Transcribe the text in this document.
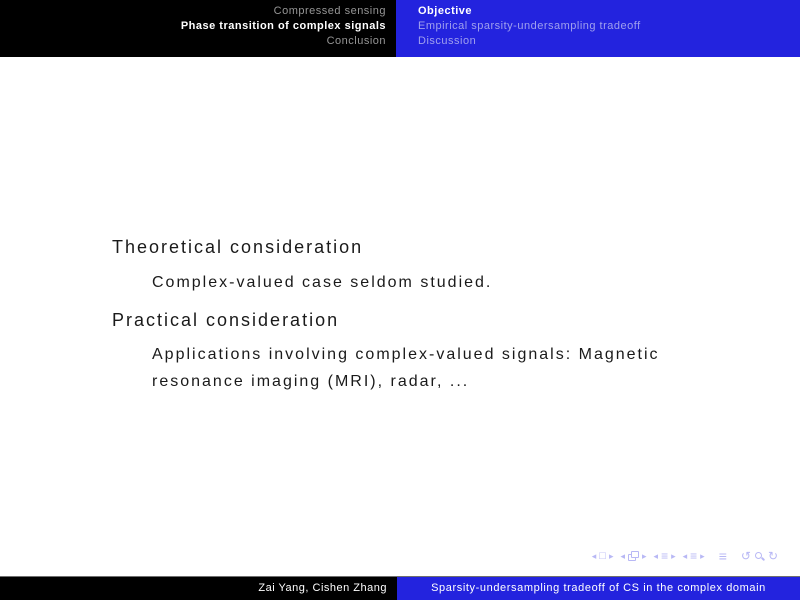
Compressed sensing
Phase transition of complex signals
Conclusion
Objective
Empirical sparsity-undersampling tradeoff
Discussion
Theoretical consideration
Complex-valued case seldom studied.
Practical consideration
Applications involving complex-valued signals: Magnetic resonance imaging (MRI), radar, ...
◂ □ ▸ ◂ ▸ ◂ ≡ ▸ ◂ ≡ ▸ ≡ ↺ ↻
Zai Yang, Cishen Zhang	Sparsity-undersampling tradeoff of CS in the complex domain
